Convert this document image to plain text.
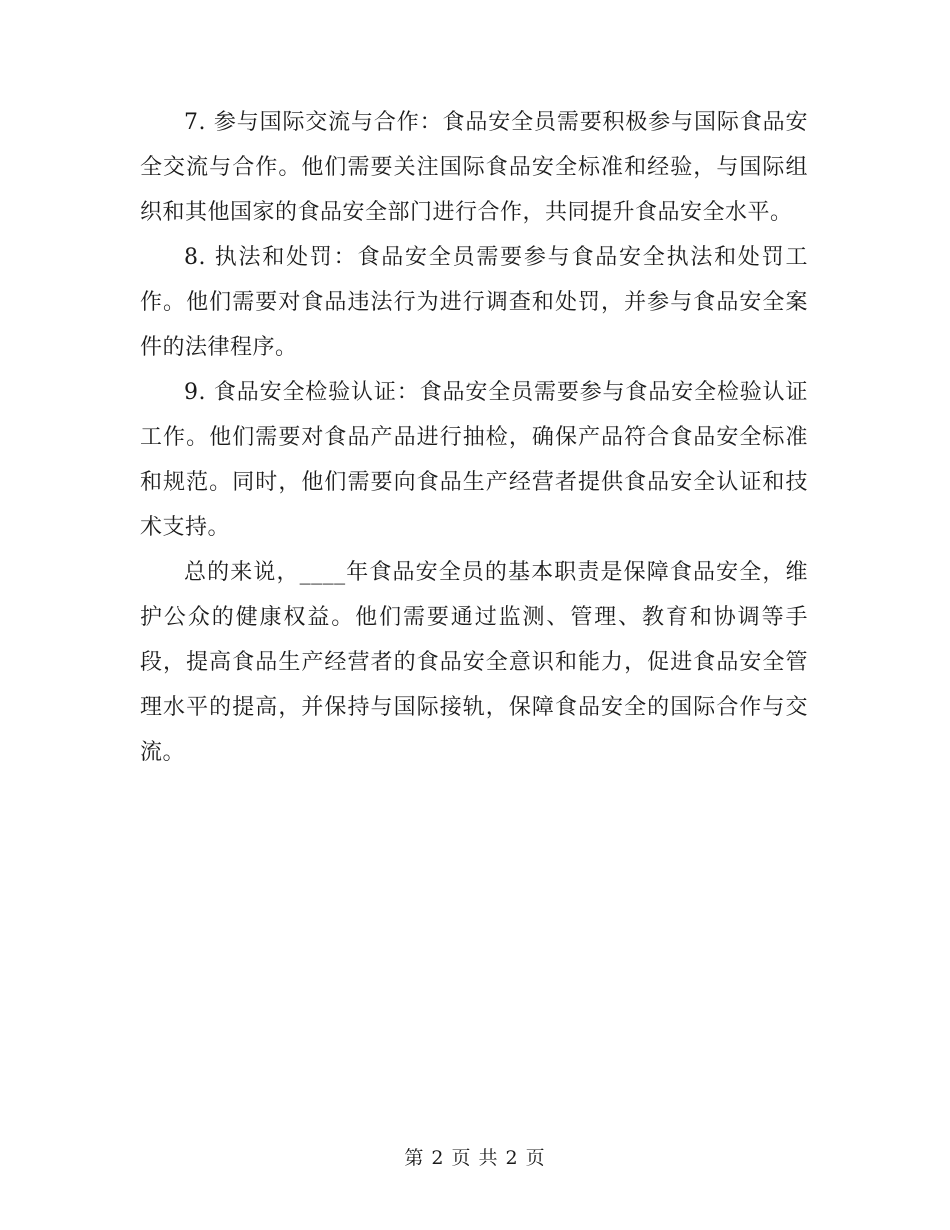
7. 参与国际交流与合作：食品安全员需要积极参与国际食品安全交流与合作。他们需要关注国际食品安全标准和经验，与国际组织和其他国家的食品安全部门进行合作，共同提升食品安全水平。

8. 执法和处罚：食品安全员需要参与食品安全执法和处罚工作。他们需要对食品违法行为进行调查和处罚，并参与食品安全案件的法律程序。

9. 食品安全检验认证：食品安全员需要参与食品安全检验认证工作。他们需要对食品产品进行抽检，确保产品符合食品安全标准和规范。同时，他们需要向食品生产经营者提供食品安全认证和技术支持。

总的来说，____年食品安全员的基本职责是保障食品安全，维护公众的健康权益。他们需要通过监测、管理、教育和协调等手段，提高食品生产经营者的食品安全意识和能力，促进食品安全管理水平的提高，并保持与国际接轨，保障食品安全的国际合作与交流。

第 2 页 共 2 页
